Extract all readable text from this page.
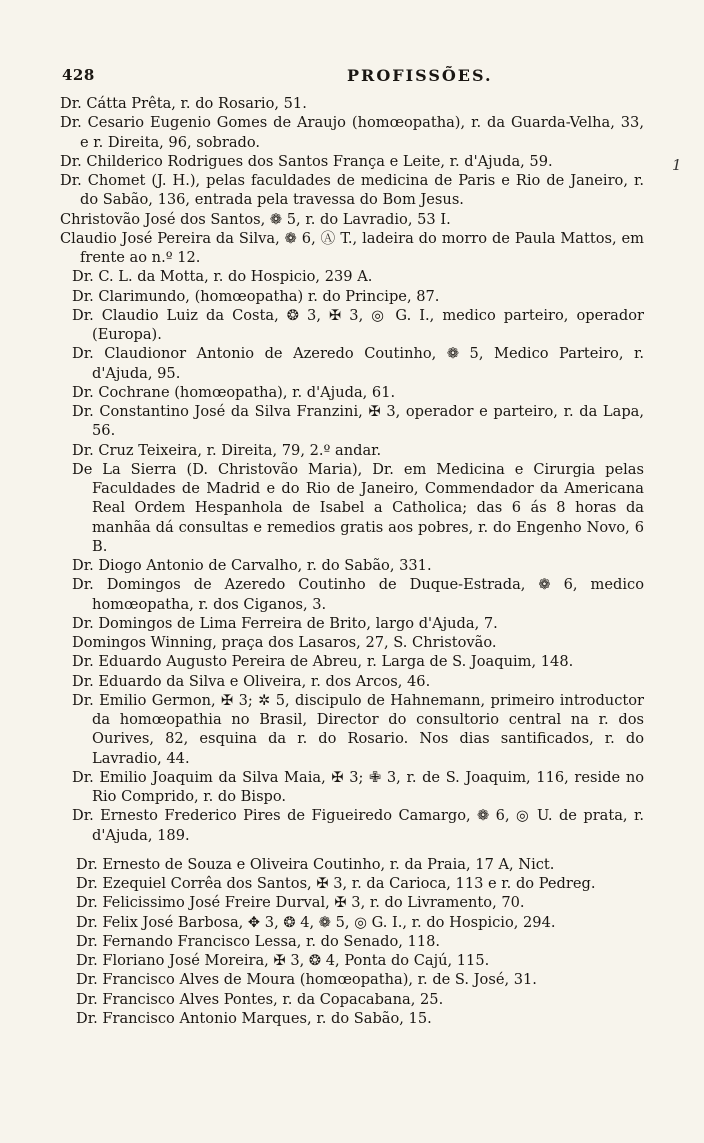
428	PROFISSÕES.
1

Dr. Cátta Prêta, r. do Rosario, 51.

Dr. Cesario Eugenio Gomes de Araujo (homœopatha), r. da Guarda-Velha, 33, e r. Direita, 96, sobrado.

Dr. Childerico Rodrigues dos Santos França e Leite, r. d'Ajuda, 59.

Dr. Chomet (J. H.), pelas faculdades de medicina de Paris e Rio de Janeiro, r. do Sabão, 136, entrada pela travessa do Bom Jesus.

Christovão José dos Santos, ❁ 5, r. do Lavradio, 53 I.

Claudio José Pereira da Silva, ❁ 6, Ⓐ T., ladeira do morro de Paula Mattos, em frente ao n.º 12.

Dr. C. L. da Motta, r. do Hospicio, 239 A.

Dr. Clarimundo, (homœopatha) r. do Principe, 87.

Dr. Claudio Luiz da Costa, ❂ 3, ✠ 3, ◎ G. I., medico parteiro, operador (Europa).

Dr. Claudionor Antonio de Azeredo Coutinho, ❁ 5, Medico Parteiro, r. d'Ajuda, 95.

Dr. Cochrane (homœopatha), r. d'Ajuda, 61.

Dr. Constantino José da Silva Franzini, ✠ 3, operador e parteiro, r. da Lapa, 56.

Dr. Cruz Teixeira, r. Direita, 79, 2.º andar.

De La Sierra (D. Christovão Maria), Dr. em Medicina e Cirurgia pelas Faculdades de Madrid e do Rio de Janeiro, Commendador da Americana Real Ordem Hespanhola de Isabel a Catholica; das 6 ás 8 horas da manhãa dá consultas e remedios gratis aos pobres, r. do Engenho Novo, 6 B.

Dr. Diogo Antonio de Carvalho, r. do Sabão, 331.

Dr. Domingos de Azeredo Coutinho de Duque-Estrada, ❁ 6, medico homœopatha, r. dos Ciganos, 3.

Dr. Domingos de Lima Ferreira de Brito, largo d'Ajuda, 7.

Domingos Winning, praça dos Lasaros, 27, S. Christovão.

Dr. Eduardo Augusto Pereira de Abreu, r. Larga de S. Joaquim, 148.

Dr. Eduardo da Silva e Oliveira, r. dos Arcos, 46.

Dr. Emilio Germon, ✠ 3; ✲ 5, discipulo de Hahnemann, primeiro introductor da homœopathia no Brasil, Director do consultorio central na r. dos Ourives, 82, esquina da r. do Rosario. Nos dias santificados, r. do Lavradio, 44.

Dr. Emilio Joaquim da Silva Maia, ✠ 3; ✙ 3, r. de S. Joaquim, 116, reside no Rio Comprido, r. do Bispo.

Dr. Ernesto Frederico Pires de Figueiredo Camargo, ❁ 6, ◎ U. de prata, r. d'Ajuda, 189.

Dr. Ernesto de Souza e Oliveira Coutinho, r. da Praia, 17 A, Nict.

Dr. Ezequiel Corrêa dos Santos, ✠ 3, r. da Carioca, 113 e r. do Pedreg.

Dr. Felicissimo José Freire Durval, ✠ 3, r. do Livramento, 70.

Dr. Felix José Barbosa, ✥ 3, ❂ 4, ❁ 5, ◎ G. I., r. do Hospicio, 294.

Dr. Fernando Francisco Lessa, r. do Senado, 118.

Dr. Floriano José Moreira, ✠ 3, ❂ 4, Ponta do Cajú, 115.

Dr. Francisco Alves de Moura (homœopatha), r. de S. José, 31.

Dr. Francisco Alves Pontes, r. da Copacabana, 25.

Dr. Francisco Antonio Marques, r. do Sabão, 15.
